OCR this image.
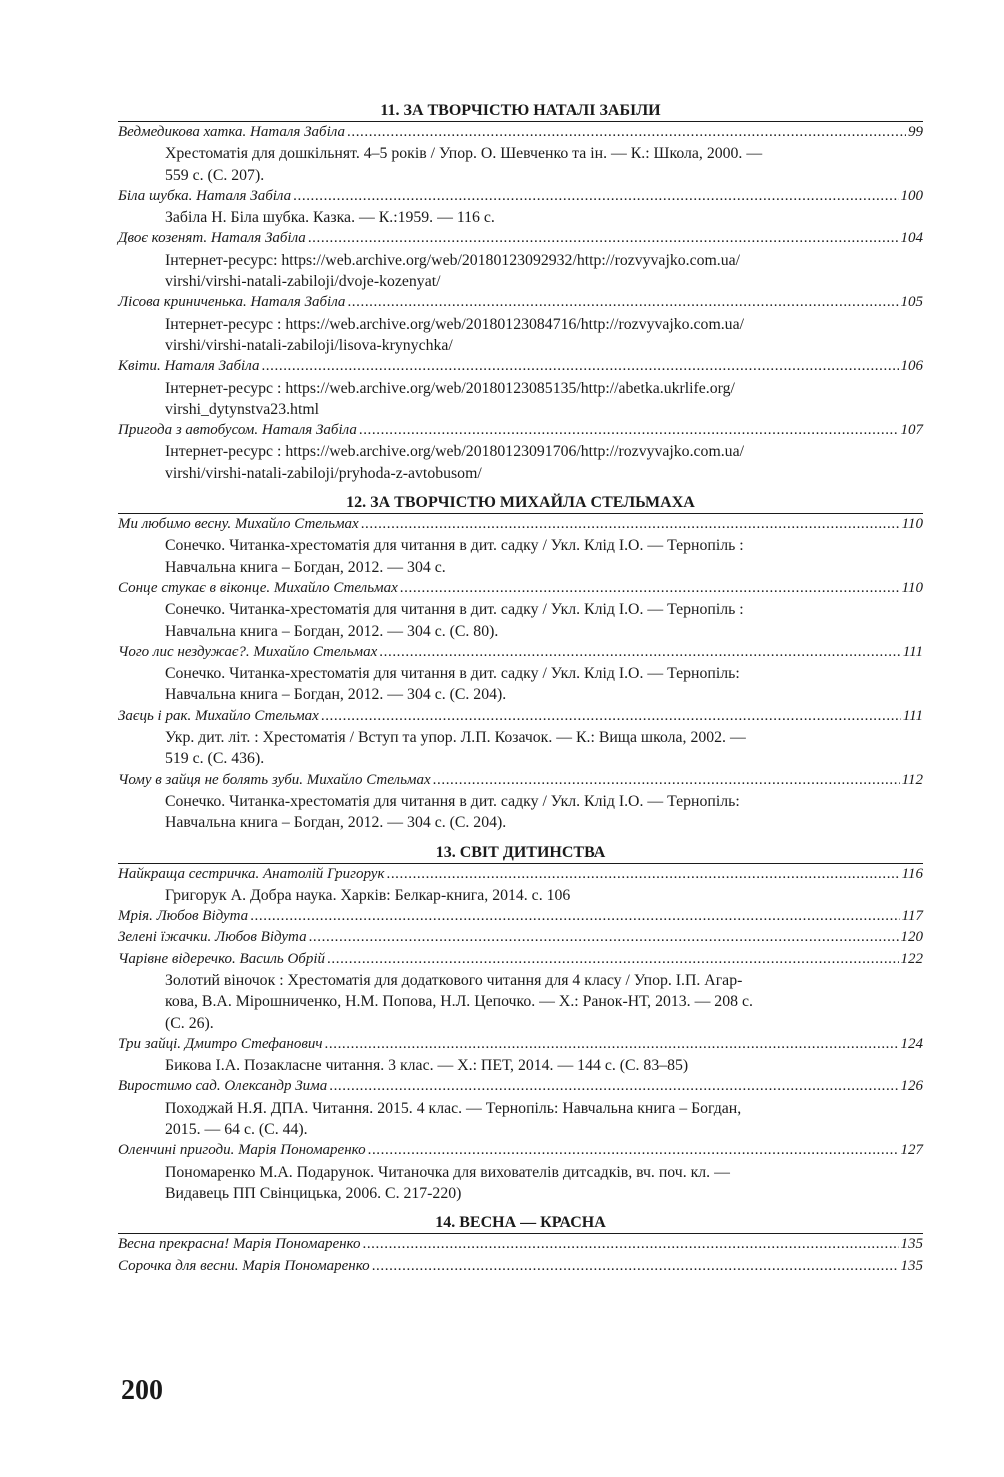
11. ЗА ТВОРЧІСТЮ НАТАЛІ ЗАБІЛИ
Ведмедикова хатка. Наталя Забіла .....	99
Хрестоматія для дошкільнят. 4–5 років / Упор. О. Шевченко та ін. — К.: Школа, 2000. —
559 с. (С. 207).
Біла шубка. Наталя Забіла .....	100
Забіла Н. Біла шубка. Казка. — К.:1959. — 116 с.
Двоє козенят. Наталя Забіла .....	104
Інтернет-ресурс: https://web.archive.org/web/20180123092932/http://rozvyvajko.com.ua/
virshi/virshi-natali-zabiloji/dvoje-kozenyat/
Лісова криниченька. Наталя Забіла .....	105
Інтернет-ресурс : https://web.archive.org/web/20180123084716/http://rozvyvajko.com.ua/
virshi/virshi-natali-zabiloji/lisova-krynychka/
Квіти. Наталя Забіла .....	106
Інтернет-ресурс : https://web.archive.org/web/20180123085135/http://abetka.ukrlife.org/
virshi_dytynstva23.html
Пригода з автобусом. Наталя Забіла .....	107
Інтернет-ресурс : https://web.archive.org/web/20180123091706/http://rozvyvajko.com.ua/
virshi/virshi-natali-zabiloji/pryhoda-z-avtobusom/
12. ЗА ТВОРЧІСТЮ МИХАЙЛА СТЕЛЬМАХА
Ми любимо весну. Михайло Стельмах .....	110
Сонечко. Читанка-хрестоматія для читання в дит. садку / Укл. Клід І.О. — Тернопіль :
Навчальна книга – Богдан, 2012. — 304 с.
Сонце стукає в віконце. Михайло Стельмах .....	110
Сонечко. Читанка-хрестоматія для читання в дит. садку / Укл. Клід І.О. — Тернопіль :
Навчальна книга – Богдан, 2012. — 304 с. (С. 80).
Чого лис нездужає?. Михайло Стельмах .....	111
Сонечко. Читанка-хрестоматія для читання в дит. садку / Укл. Клід І.О. — Тернопіль:
Навчальна книга – Богдан, 2012. — 304 с. (С. 204).
Заєць і рак. Михайло Стельмах .....	111
Укр. дит. літ. : Хрестоматія / Вступ та упор. Л.П. Козачок. — К.: Вища школа, 2002. —
519 с. (С. 436).
Чому в зайця не болять зуби. Михайло Стельмах .....	112
Сонечко. Читанка-хрестоматія для читання в дит. садку / Укл. Клід І.О. — Тернопіль:
Навчальна книга – Богдан, 2012. — 304 с. (С. 204).
13. СВІТ ДИТИНСТВА
Найкраща сестричка. Анатолій Григорук .....	116
Григорук А. Добра наука. Харків: Белкар-книга, 2014. с. 106
Мрія. Любов Відута .....	117
Зелені їжачки. Любов Відута .....	120
Чарівне відеречко. Василь Обрій .....	122
Золотий віночок : Хрестоматія для додаткового читання для 4 класу / Упор. І.П. Агар-
кова, В.А. Мірошниченко, Н.М. Попова, Н.Л. Цепочко. — Х.: Ранок-НТ, 2013. — 208 с.
(С. 26).
Три зайці. Дмитро Стефанович .....	124
Бикова І.А. Позакласне читання. 3 клас. — Х.: ПЕТ, 2014. — 144 с. (С. 83–85)
Виростимо сад. Олександр Зима .....	126
Походжай Н.Я. ДПА. Читання. 2015. 4 клас. — Тернопіль: Навчальна книга – Богдан,
2015. — 64 с. (С. 44).
Оленчині пригоди. Марія Пономаренко .....	127
Пономаренко М.А. Подарунок. Читаночка для вихователів дитсадків, вч. поч. кл. —
Видавець ПП Свінцицька, 2006. С. 217-220)
14. ВЕСНА — КРАСНА
Весна прекрасна! Марія Пономаренко .....	135
Сорочка для весни. Марія Пономаренко .....	135
200
